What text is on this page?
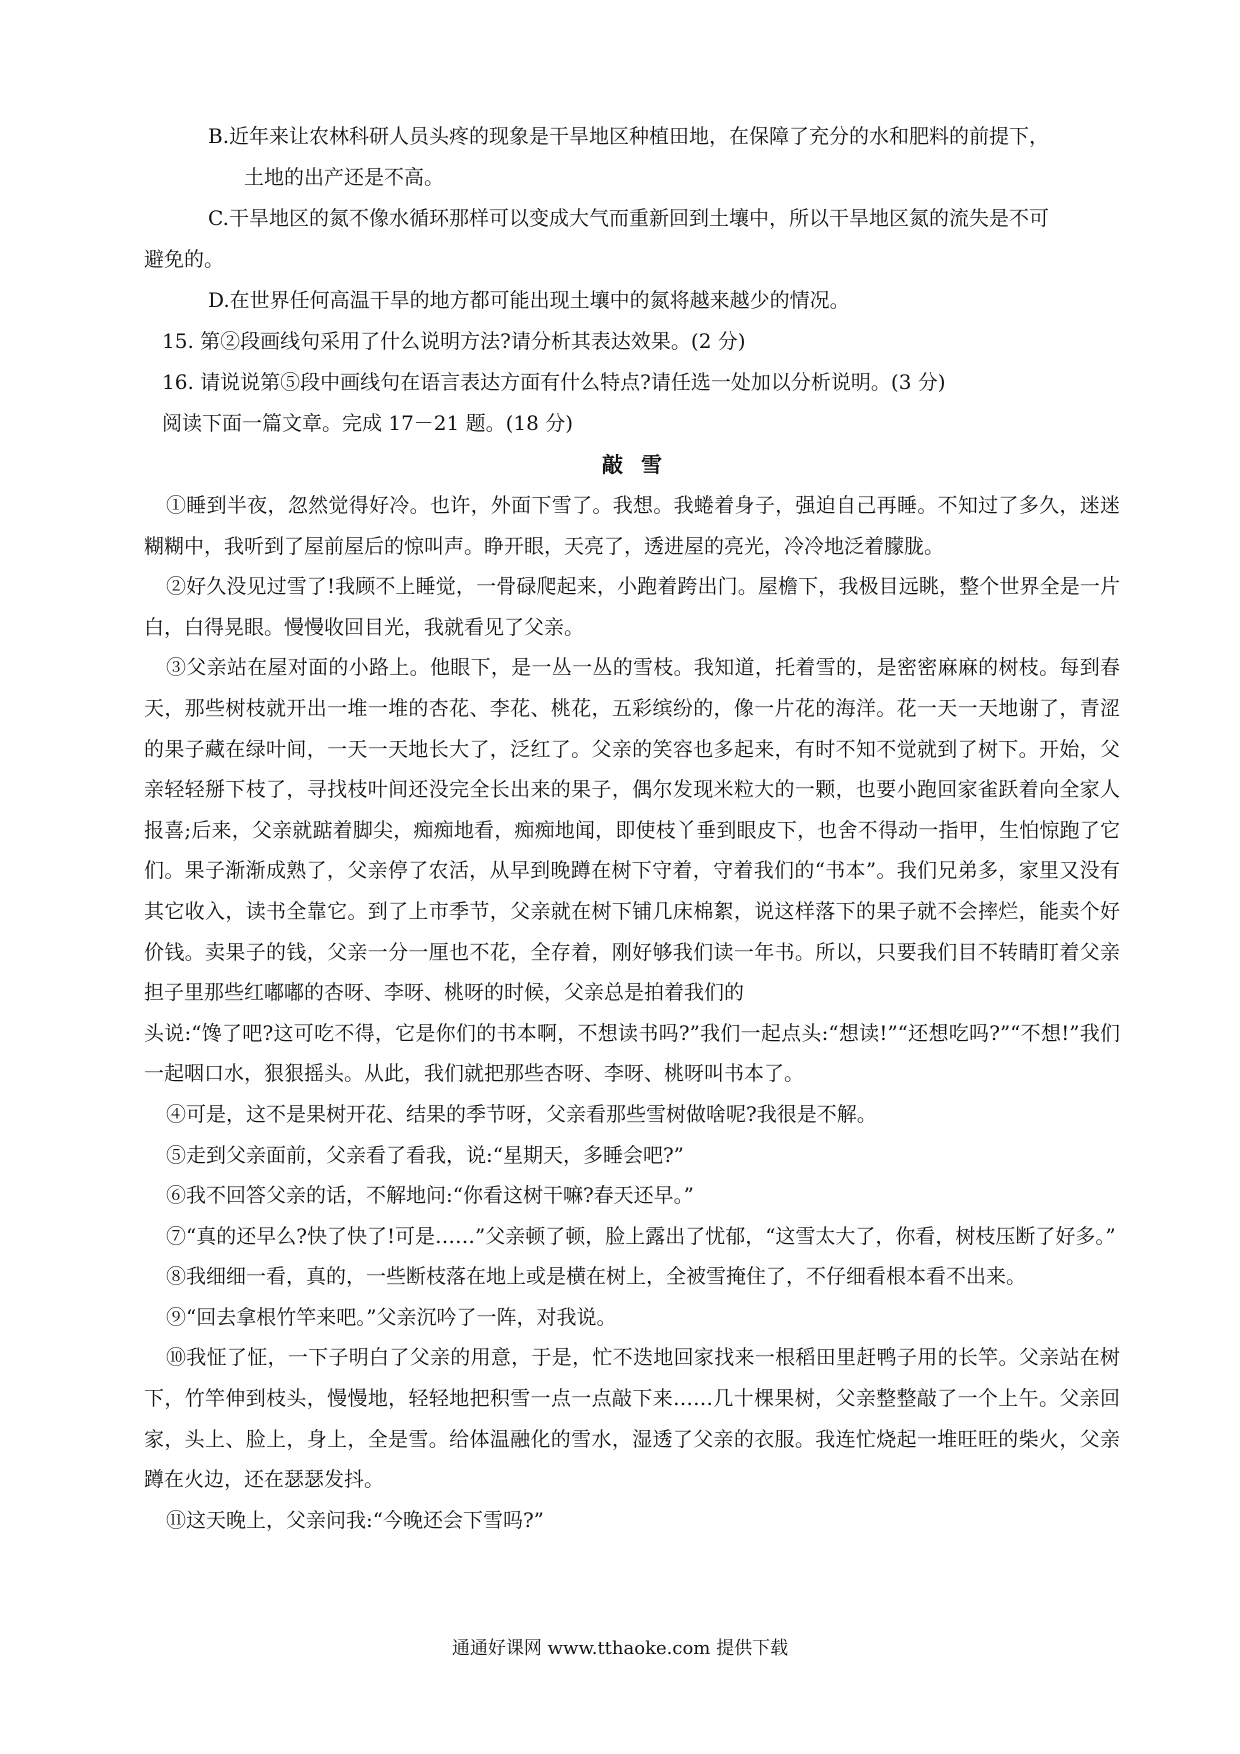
B.近年来让农林科研人员头疼的现象是干旱地区种植田地，在保障了充分的水和肥料的前提下，
土地的出产还是不高。
C.干旱地区的氮不像水循环那样可以变成大气而重新回到土壤中，所以干旱地区氮的流失是不可
避免的。
D.在世界任何高温干旱的地方都可能出现土壤中的氮将越来越少的情况。
15. 第②段画线句采用了什么说明方法?请分析其表达效果。(2 分)
16. 请说说第⑤段中画线句在语言表达方面有什么特点?请任选一处加以分析说明。(3 分)
阅读下面一篇文章。完成 17－21 题。(18 分)
敲雪

①睡到半夜，忽然觉得好冷。也许，外面下雪了。我想。我蜷着身子，强迫自己再睡。不知过了多久，迷迷糊糊中，我听到了屋前屋后的惊叫声。睁开眼，天亮了，透进屋的亮光，冷冷地泛着朦胧。

②好久没见过雪了!我顾不上睡觉，一骨碌爬起来，小跑着跨出门。屋檐下，我极目远眺，整个世界全是一片白，白得晃眼。慢慢收回目光，我就看见了父亲。

③父亲站在屋对面的小路上。他眼下，是一丛一丛的雪枝。我知道，托着雪的，是密密麻麻的树枝。每到春天，那些树枝就开出一堆一堆的杏花、李花、桃花，五彩缤纷的，像一片花的海洋。花一天一天地谢了，青涩的果子藏在绿叶间，一天一天地长大了，泛红了。父亲的笑容也多起来，有时不知不觉就到了树下。开始，父亲轻轻掰下枝了，寻找枝叶间还没完全长出来的果子，偶尔发现米粒大的一颗，也要小跑回家雀跃着向全家人报喜;后来，父亲就踮着脚尖，痴痴地看，痴痴地闻，即使枝丫垂到眼皮下，也舍不得动一指甲，生怕惊跑了它们。果子渐渐成熟了，父亲停了农活，从早到晚蹲在树下守着，守着我们的“书本”。我们兄弟多，家里又没有其它收入，读书全靠它。到了上市季节，父亲就在树下铺几床棉絮，说这样落下的果子就不会摔烂，能卖个好价钱。卖果子的钱，父亲一分一厘也不花，全存着，刚好够我们读一年书。所以，只要我们目不转睛盯着父亲担子里那些红嘟嘟的杏呀、李呀、桃呀的时候，父亲总是拍着我们的

头说:“馋了吧?这可吃不得，它是你们的书本啊，不想读书吗?”我们一起点头:“想读!”“还想吃吗?”“不想!”我们一起咽口水，狠狠摇头。从此，我们就把那些杏呀、李呀、桃呀叫书本了。

④可是，这不是果树开花、结果的季节呀，父亲看那些雪树做啥呢?我很是不解。

⑤走到父亲面前，父亲看了看我，说:“星期天，多睡会吧?”

⑥我不回答父亲的话，不解地问:“你看这树干嘛?春天还早。”

⑦“真的还早么?快了快了!可是……”父亲顿了顿，脸上露出了忧郁，“这雪太大了，你看，树枝压断了好多。”

⑧我细细一看，真的，一些断枝落在地上或是横在树上，全被雪掩住了，不仔细看根本看不出来。

⑨“回去拿根竹竿来吧。”父亲沉吟了一阵，对我说。

⑩我怔了怔，一下子明白了父亲的用意，于是，忙不迭地回家找来一根稻田里赶鸭子用的长竿。父亲站在树下，竹竿伸到枝头，慢慢地，轻轻地把积雪一点一点敲下来……几十棵果树，父亲整整敲了一个上午。父亲回家，头上、脸上，身上，全是雪。给体温融化的雪水，湿透了父亲的衣服。我连忙烧起一堆旺旺的柴火，父亲蹲在火边，还在瑟瑟发抖。

⑪这天晚上，父亲问我:“今晚还会下雪吗?”

通通好课网 www.tthaoke.com 提供下载
